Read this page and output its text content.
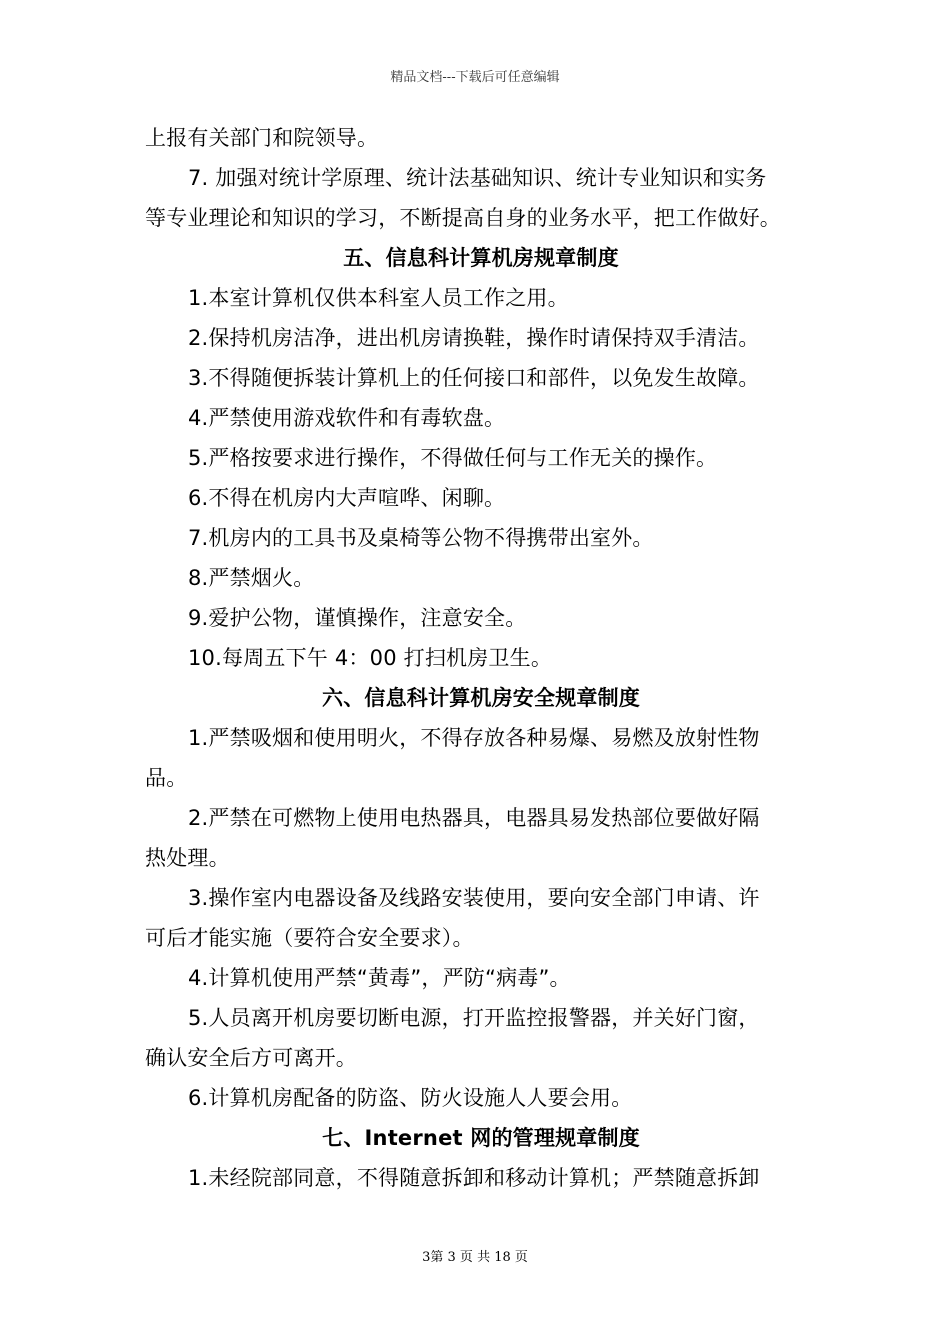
精品文档---下载后可任意编辑
上报有关部门和院领导。
7. 加强对统计学原理、统计法基础知识、统计专业知识和实务
等专业理论和知识的学习，不断提高自身的业务水平，把工作做好。
五、信息科计算机房规章制度
1.本室计算机仅供本科室人员工作之用。
2.保持机房洁净，进出机房请换鞋，操作时请保持双手清洁。
3.不得随便拆装计算机上的任何接口和部件，以免发生故障。
4.严禁使用游戏软件和有毒软盘。
5.严格按要求进行操作，不得做任何与工作无关的操作。
6.不得在机房内大声喧哗、闲聊。
7.机房内的工具书及桌椅等公物不得携带出室外。
8.严禁烟火。
9.爱护公物，谨慎操作，注意安全。
10.每周五下午 4：00 打扫机房卫生。
六、信息科计算机房安全规章制度
1.严禁吸烟和使用明火，不得存放各种易爆、易燃及放射性物
品。
2.严禁在可燃物上使用电热器具，电器具易发热部位要做好隔
热处理。
3.操作室内电器设备及线路安装使用，要向安全部门申请、许
可后才能实施（要符合安全要求）。
4.计算机使用严禁“黄毒”，严防“病毒”。
5.人员离开机房要切断电源，打开监控报警器，并关好门窗，
确认安全后方可离开。
6.计算机房配备的防盗、防火设施人人要会用。
七、Internet 网的管理规章制度
1.未经院部同意，不得随意拆卸和移动计算机；严禁随意拆卸
3第 3 页 共 18 页
